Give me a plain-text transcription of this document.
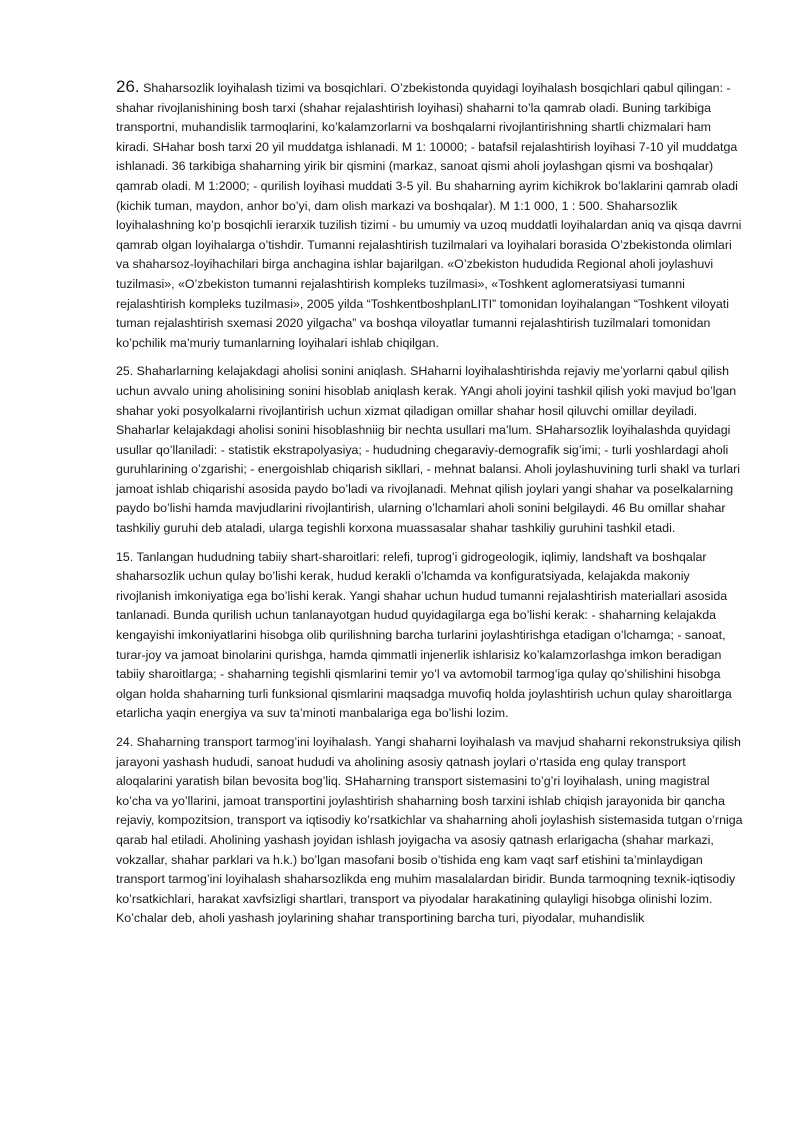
26. Shaharsozlik loyihalash tizimi va bosqichlari. O’zbekistonda quyidagi loyihalash bosqichlari qabul qilingan: - shahar rivojlanishining bosh tarxi (shahar rejalashtirish loyihasi) shaharni to’la qamrab oladi. Buning tarkibiga transportni, muhandislik tarmoqlarini, ko’kalamzorlarni va boshqalarni rivojlantirishning shartli chizmalari ham kiradi. SHahar bosh tarxi 20 yil muddatga ishlanadi. M 1: 10000; - batafsil rejalashtirish loyihasi 7-10 yil muddatga ishlanadi. 36 tarkibiga shaharning yirik bir qismini (markaz, sanoat qismi aholi joylashgan qismi va boshqalar) qamrab oladi. M 1:2000; - qurilish loyihasi muddati 3-5 yil. Bu shaharning ayrim kichikrok bo’laklarini qamrab oladi (kichik tuman, maydon, anhor bo’yi, dam olish markazi va boshqalar). M 1:1 000, 1 : 500. Shaharsozlik loyihalashning ko’p bosqichli ierarxik tuzilish tizimi - bu umumiy va uzoq muddatli loyihalardan aniq va qisqa davrni qamrab olgan loyihalarga o’tishdir. Tumanni rejalashtirish tuzilmalari va loyihalari borasida O’zbekistonda olimlari va shaharsoz-loyihachilari birga anchagina ishlar bajarilgan. «O’zbekiston hududida Regional aholi joylashuvi tuzilmasi», «O’zbekiston tumanni rejalashtirish kompleks tuzilmasi», «Toshkent aglomeratsiyasi tumanni rejalashtirish kompleks tuzilmasi», 2005 yilda “ToshkentboshplanLITI” tomonidan loyihalangan “Toshkent viloyati tuman rejalashtirish sxemasi 2020 yilgacha” va boshqa viloyatlar tumanni rejalashtirish tuzilmalari tomonidan ko’pchilik ma’muriy tumanlarning loyihalari ishlab chiqilgan.

25. Shaharlarning kelajakdagi aholisi sonini aniqlash. SHaharni loyihalashtirishda rejaviy me’yorlarni qabul qilish uchun avvalo uning aholisining sonini hisoblab aniqlash kerak. YAngi aholi joyini tashkil qilish yoki mavjud bo’lgan shahar yoki posyolkalarni rivojlantirish uchun xizmat qiladigan omillar shahar hosil qiluvchi omillar deyiladi. Shaharlar kelajakdagi aholisi sonini hisoblashniig bir nechta usullari ma’lum. SHaharsozlik loyihalashda quyidagi usullar qo’llaniladi: - statistik ekstrapolyasiya; - hududning chegaraviy-demografik sig’imi; - turli yoshlardagi aholi guruhlarining o’zgarishi; - energoishlab chiqarish sikllari, - mehnat balansi. Aholi joylashuvining turli shakl va turlari jamoat ishlab chiqarishi asosida paydo bo’ladi va rivojlanadi. Mehnat qilish joylari yangi shahar va poselkalarning paydo bo’lishi hamda mavjudlarini rivojlantirish, ularning o’lchamlari aholi sonini belgilaydi. 46 Bu omillar shahar tashkiliy guruhi deb ataladi, ularga tegishli korxona muassasalar shahar tashkiliy guruhini tashkil etadi.

15. Tanlangan hududning tabiiy shart-sharoitlari: relefi, tuprog’i gidrogeologik, iqlimiy, landshaft va boshqalar shaharsozlik uchun qulay bo’lishi kerak, hudud kerakli o’lchamda va konfiguratsiyada, kelajakda makoniy rivojlanish imkoniyatiga ega bo’lishi kerak. Yangi shahar uchun hudud tumanni rejalashtirish materiallari asosida tanlanadi. Bunda qurilish uchun tanlanayotgan hudud quyidagilarga ega bo’lishi kerak: - shaharning kelajakda kengayishi imkoniyatlarini hisobga olib qurilishning barcha turlarini joylashtirishga etadigan o’lchamga; - sanoat, turar-joy va jamoat binolarini qurishga, hamda qimmatli injenerlik ishlarisiz ko’kalamzorlashga imkon beradigan tabiiy sharoitlarga; - shaharning tegishli qismlarini temir yo’l va avtomobil tarmog’iga qulay qo’shilishini hisobga olgan holda shaharning turli funksional qismlarini maqsadga muvofiq holda joylashtirish uchun qulay sharoitlarga etarlicha yaqin energiya va suv ta’minoti manbalariga ega bo’lishi lozim.

24. Shaharning transport tarmog’ini loyihalash. Yangi shaharni loyihalash va mavjud shaharni rekonstruksiya qilish jarayoni yashash hududi, sanoat hududi va aholining asosiy qatnash joylari o’rtasida eng qulay transport aloqalarini yaratish bilan bevosita bog’liq. SHaharning transport sistemasini to’g’ri loyihalash, uning magistral ko’cha va yo’llarini, jamoat transportini joylashtirish shaharning bosh tarxini ishlab chiqish jarayonida bir qancha rejaviy, kompozitsion, transport va iqtisodiy ko’rsatkichlar va shaharning aholi joylashish sistemasida tutgan o’rniga qarab hal etiladi. Aholining yashash joyidan ishlash joyigacha va asosiy qatnash erlarigacha (shahar markazi, vokzallar, shahar parklari va h.k.) bo’lgan masofani bosib o’tishida eng kam vaqt sarf etishini ta’minlaydigan transport tarmog’ini loyihalash shaharsozlikda eng muhim masalalardan biridir. Bunda tarmoqning texnik-iqtisodiy ko’rsatkichlari, harakat xavfsizligi shartlari, transport va piyodalar harakatining qulayligi hisobga olinishi lozim. Ko’chalar deb, aholi yashash joylarining shahar transportining barcha turi, piyodalar, muhandislik
